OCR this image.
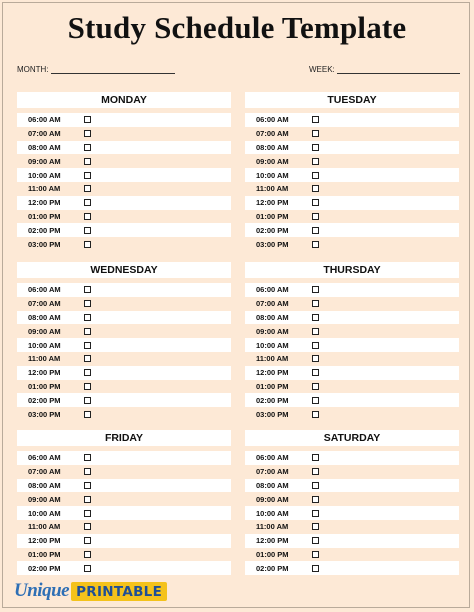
Study Schedule Template
MONTH:	WEEK:
MONDAY
06:00 AM
07:00 AM
08:00 AM
09:00 AM
10:00 AM
11:00 AM
12:00 PM
01:00 PM
02:00 PM
03:00 PM
TUESDAY
06:00 AM
07:00 AM
08:00 AM
09:00 AM
10:00 AM
11:00 AM
12:00 PM
01:00 PM
02:00 PM
03:00 PM
WEDNESDAY
06:00 AM
07:00 AM
08:00 AM
09:00 AM
10:00 AM
11:00 AM
12:00 PM
01:00 PM
02:00 PM
03:00 PM
THURSDAY
06:00 AM
07:00 AM
08:00 AM
09:00 AM
10:00 AM
11:00 AM
12:00 PM
01:00 PM
02:00 PM
03:00 PM
FRIDAY
06:00 AM
07:00 AM
08:00 AM
09:00 AM
10:00 AM
11:00 AM
12:00 PM
01:00 PM
02:00 PM
SATURDAY
06:00 AM
07:00 AM
08:00 AM
09:00 AM
10:00 AM
11:00 AM
12:00 PM
01:00 PM
02:00 PM
Unique PRINTABLE
